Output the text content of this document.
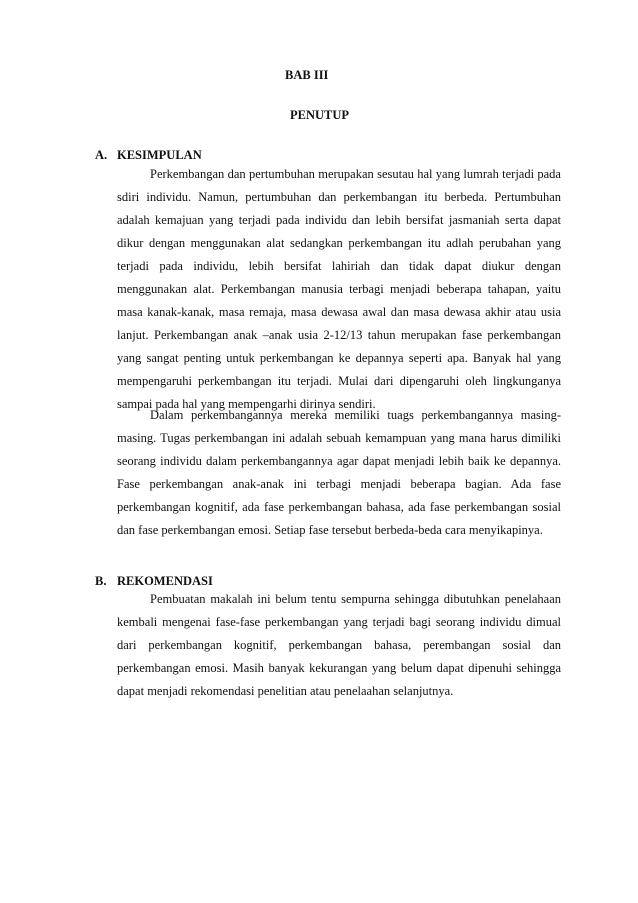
BAB III
PENUTUP
A. KESIMPULAN

Perkembangan dan pertumbuhan merupakan sesutau hal yang lumrah terjadi pada sdiri individu. Namun, pertumbuhan dan perkembangan itu berbeda. Pertumbuhan adalah kemajuan yang terjadi pada individu dan lebih bersifat jasmaniah serta dapat dikur dengan menggunakan alat sedangkan perkembangan itu adlah perubahan yang terjadi pada individu, lebih bersifat lahiriah dan tidak dapat diukur dengan menggunakan alat. Perkembangan manusia terbagi menjadi beberapa tahapan, yaitu masa kanak-kanak, masa remaja, masa dewasa awal dan masa dewasa akhir atau usia lanjut. Perkembangan anak –anak usia 2-12/13 tahun merupakan fase perkembangan yang sangat penting untuk perkembangan ke depannya seperti apa. Banyak hal yang mempengaruhi perkembangan itu terjadi. Mulai dari dipengaruhi oleh lingkunganya sampai pada hal yang mempengarhi dirinya sendiri.

Dalam perkembangannya mereka memiliki tuags perkembangannya masing-masing. Tugas perkembangan ini adalah sebuah kemampuan yang mana harus dimiliki seorang individu dalam perkembangannya agar dapat menjadi lebih baik ke depannya. Fase perkembangan anak-anak ini terbagi menjadi beberapa bagian. Ada fase perkembangan kognitif, ada fase perkembangan bahasa, ada fase perkembangan sosial dan fase perkembangan emosi. Setiap fase tersebut berbeda-beda cara menyikapinya.

B. REKOMENDASI

Pembuatan makalah ini belum tentu sempurna sehingga dibutuhkan penelahaan kembali mengenai fase-fase perkembangan yang terjadi bagi seorang individu dimual dari perkembangan kognitif, perkembangan bahasa, perembangan sosial dan perkembangan emosi. Masih banyak kekurangan yang belum dapat dipenuhi sehingga dapat menjadi rekomendasi penelitian atau penelaahan selanjutnya.
